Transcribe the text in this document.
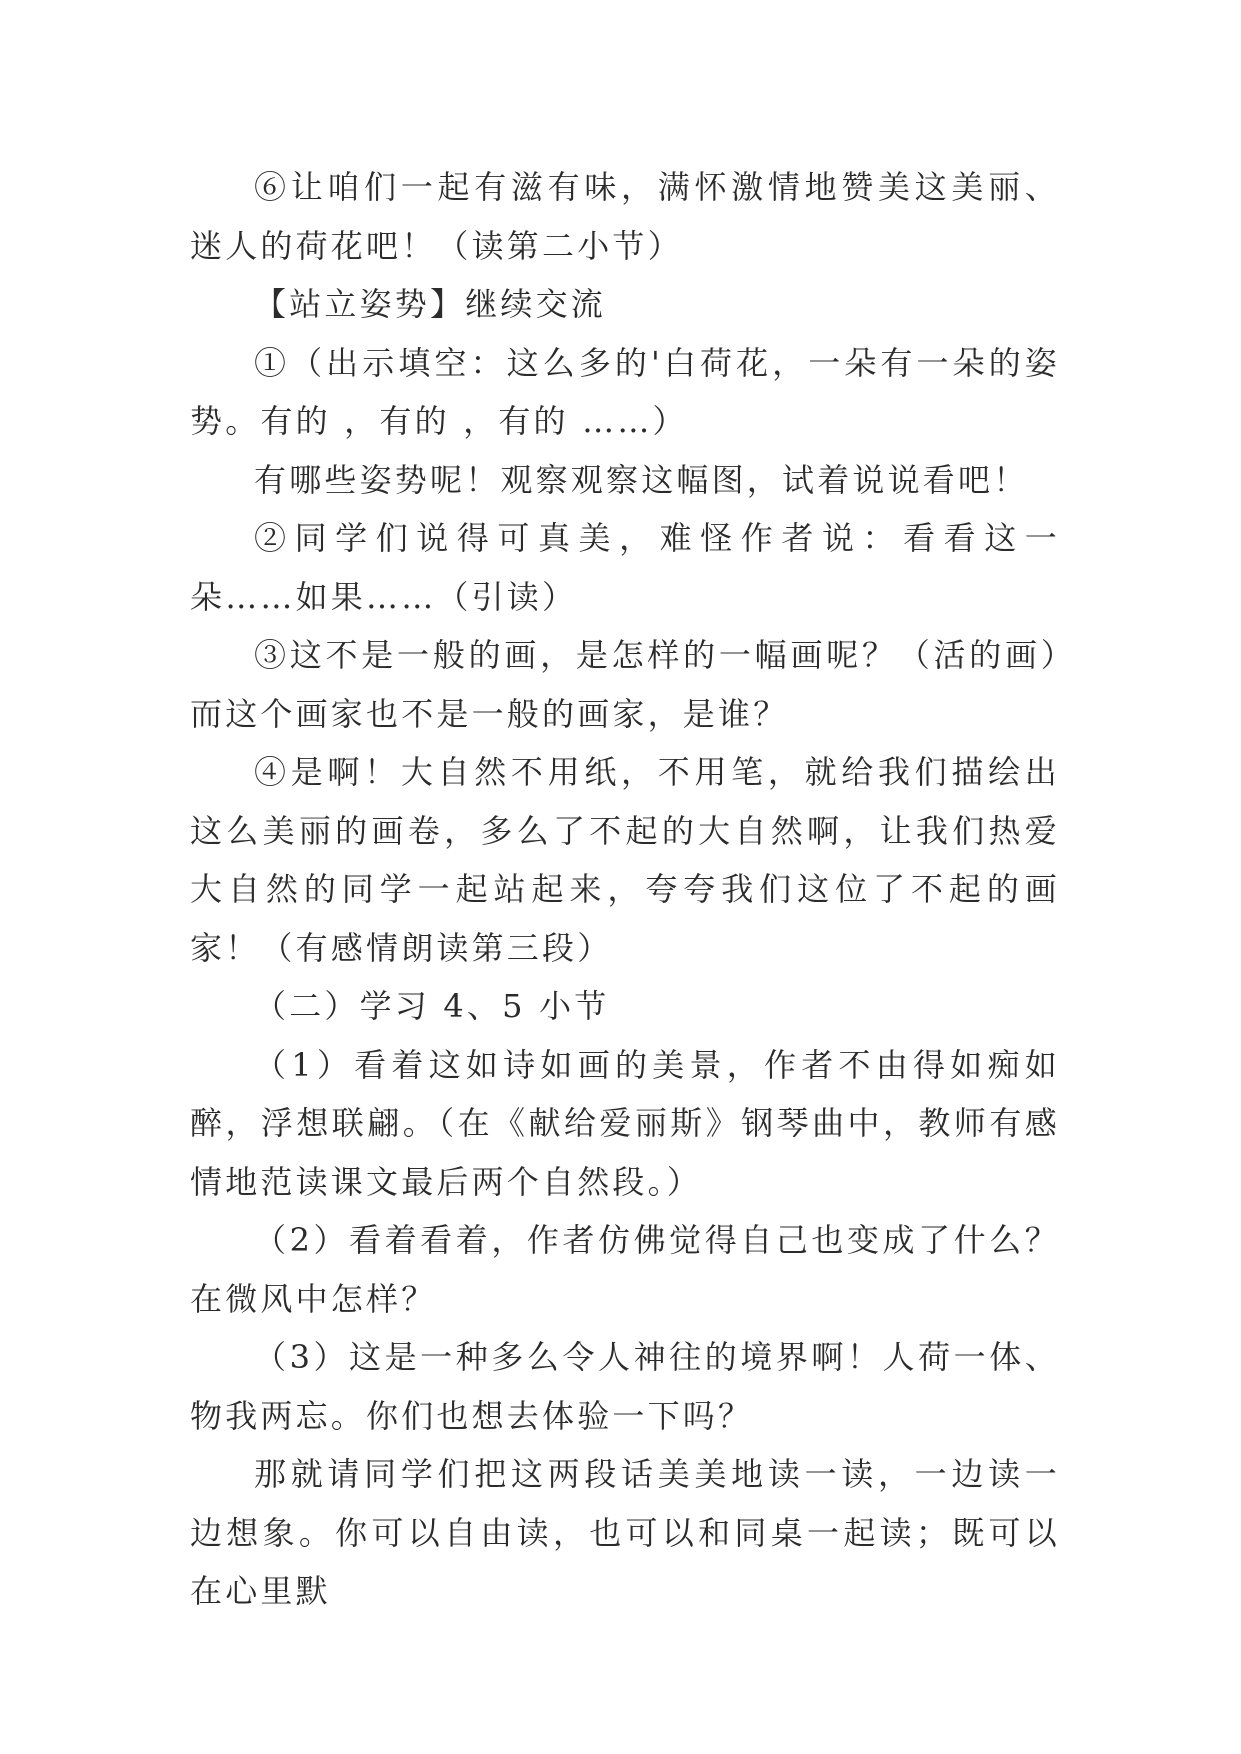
⑥让咱们一起有滋有味，满怀激情地赞美这美丽、迷人的荷花吧！（读第二小节）

【站立姿势】继续交流

①（出示填空：这么多的'白荷花，一朵有一朵的姿势。有的 ，有的 ，有的 ……）

有哪些姿势呢！观察观察这幅图，试着说说看吧！

②同学们说得可真美，难怪作者说：看看这一朵……如果……（引读）

③这不是一般的画，是怎样的一幅画呢？（活的画）而这个画家也不是一般的画家，是谁？

④是啊！大自然不用纸，不用笔，就给我们描绘出这么美丽的画卷，多么了不起的大自然啊，让我们热爱大自然的同学一起站起来，夸夸我们这位了不起的画家！（有感情朗读第三段）

（二）学习 4、5 小节

（1）看着这如诗如画的美景，作者不由得如痴如醉，浮想联翩。（在《献给爱丽斯》钢琴曲中，教师有感情地范读课文最后两个自然段。）

（2）看着看着，作者仿佛觉得自己也变成了什么？在微风中怎样？

（3）这是一种多么令人神往的境界啊！人荷一体、物我两忘。你们也想去体验一下吗？

那就请同学们把这两段话美美地读一读，一边读一边想象。你可以自由读，也可以和同桌一起读；既可以在心里默
